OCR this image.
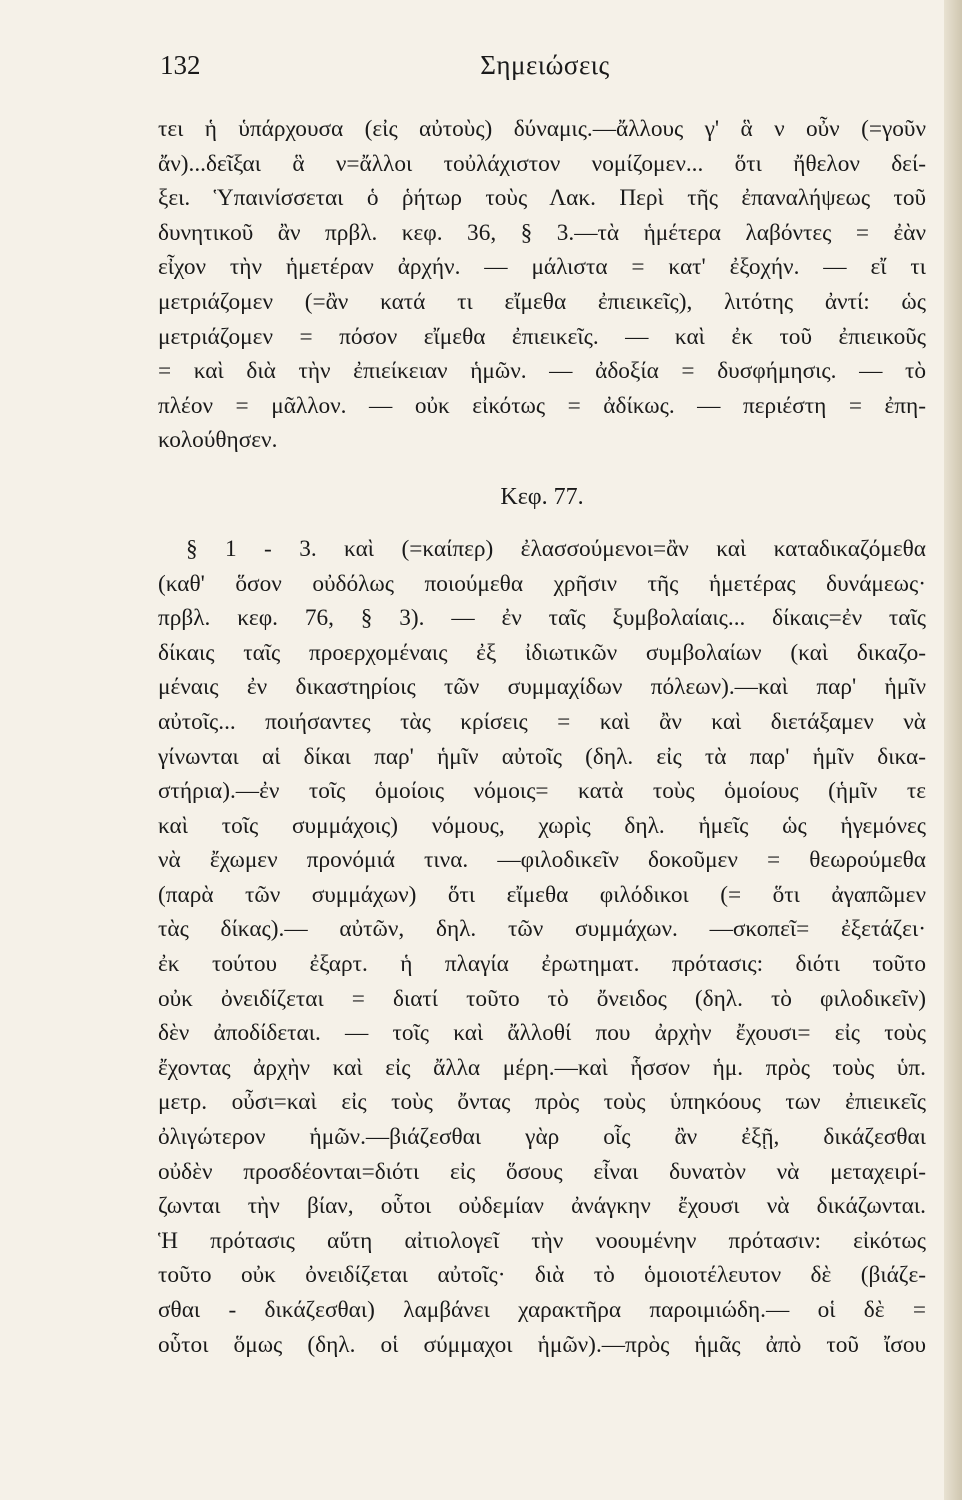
132	Σημειώσεις
τει ἡ ὑπάρχουσα (εἰς αὐτοὺς) δύναμις.—ἄλλους γ' ἃ ν οὖν (=γοῦν
ἄν)...δεῖξαι ἃ ν=ἄλλοι τοὐλάχιστον νομίζομεν... ὅτι ἤθελον δεί-
ξει. Ὑπαινίσσεται ὁ ῥήτωρ τοὺς Λακ. Περὶ τῆς ἐπαναλήψεως τοῦ
δυνητικοῦ ἂν πρβλ. κεφ. 36, § 3.—τὰ ἡμέτερα λαβόντες = ἐὰν
εἶχον τὴν ἡμετέραν ἀρχήν. — μάλιστα = κατ' ἐξοχήν. — εἴ τι
μετριάζομεν (=ἂν κατά τι εἴμεθα ἐπιεικεῖς), λιτότης ἀντί: ὡς
μετριάζομεν = πόσον εἴμεθα ἐπιεικεῖς. — καὶ ἐκ τοῦ ἐπιεικοῦς
= καὶ διὰ τὴν ἐπιείκειαν ἡμῶν. — ἀδοξία = δυσφήμησις. — τὸ
πλέον = μᾶλλον. — οὐκ εἰκότως = ἀδίκως. — περιέστη = ἐπη-
κολούθησεν.
Κεφ. 77.
§ 1 - 3. καὶ (=καίπερ) ἐλασσούμενοι=ἂν καὶ καταδικαζόμεθα
(καθ' ὅσον οὐδόλως ποιούμεθα χρῆσιν τῆς ἡμετέρας δυνάμεως·
πρβλ. κεφ. 76, § 3). — ἐν ταῖς ξυμβολαίαις... δίκαις=ἐν ταῖς
δίκαις ταῖς προερχομέναις ἐξ ἰδιωτικῶν συμβολαίων (καὶ δικαζο-
μέναις ἐν δικαστηρίοις τῶν συμμαχίδων πόλεων).—καὶ παρ' ἡμῖν
αὐτοῖς... ποιήσαντες τὰς κρίσεις = καὶ ἂν καὶ διετάξαμεν νὰ
γίνωνται αἱ δίκαι παρ' ἡμῖν αὐτοῖς (δηλ. εἰς τὰ παρ' ἡμῖν δικα-
στήρια).—ἐν τοῖς ὁμοίοις νόμοις= κατὰ τοὺς ὁμοίους (ἡμῖν τε
καὶ τοῖς συμμάχοις) νόμους, χωρὶς δηλ. ἡμεῖς ὡς ἡγεμόνες
νὰ ἔχωμεν προνόμιά τινα. —φιλοδικεῖν δοκοῦμεν = θεωρούμεθα
(παρὰ τῶν συμμάχων) ὅτι εἴμεθα φιλόδικοι (= ὅτι ἀγαπῶμεν
τὰς δίκας).— αὐτῶν, δηλ. τῶν συμμάχων. —σκοπεῖ= ἐξετάζει·
ἐκ τούτου ἐξαρτ. ἡ πλαγία ἐρωτηματ. πρότασις: διότι τοῦτο
οὐκ ὀνειδίζεται = διατί τοῦτο τὸ ὄνειδος (δηλ. τὸ φιλοδικεῖν)
δὲν ἀποδίδεται. — τοῖς καὶ ἄλλοθί που ἀρχὴν ἔχουσι= εἰς τοὺς
ἔχοντας ἀρχὴν καὶ εἰς ἄλλα μέρη.—καὶ ἧσσον ἡμ. πρὸς τοὺς ὑπ.
μετρ. οὖσι=καὶ εἰς τοὺς ὄντας πρὸς τοὺς ὑπηκόους των ἐπιεικεῖς
ὀλιγώτερον ἡμῶν.—βιάζεσθαι γὰρ οἷς ἂν ἐξῇ, δικάζεσθαι
οὐδὲν προσδέονται=διότι εἰς ὅσους εἶναι δυνατὸν νὰ μεταχειρί-
ζωνται τὴν βίαν, οὗτοι οὐδεμίαν ἀνάγκην ἔχουσι νὰ δικάζωνται.
Ἡ πρότασις αὕτη αἰτιολογεῖ τὴν νοουμένην πρότασιν: εἰκότως
τοῦτο οὐκ ὀνειδίζεται αὐτοῖς· διὰ τὸ ὁμοιοτέλευτον δὲ (βιάζε-
σθαι - δικάζεσθαι) λαμβάνει χαρακτῆρα παροιμιώδη.— οἱ δὲ =
οὗτοι ὅμως (δηλ. οἱ σύμμαχοι ἡμῶν).—πρὸς ἡμᾶς ἀπὸ τοῦ ἴσου
